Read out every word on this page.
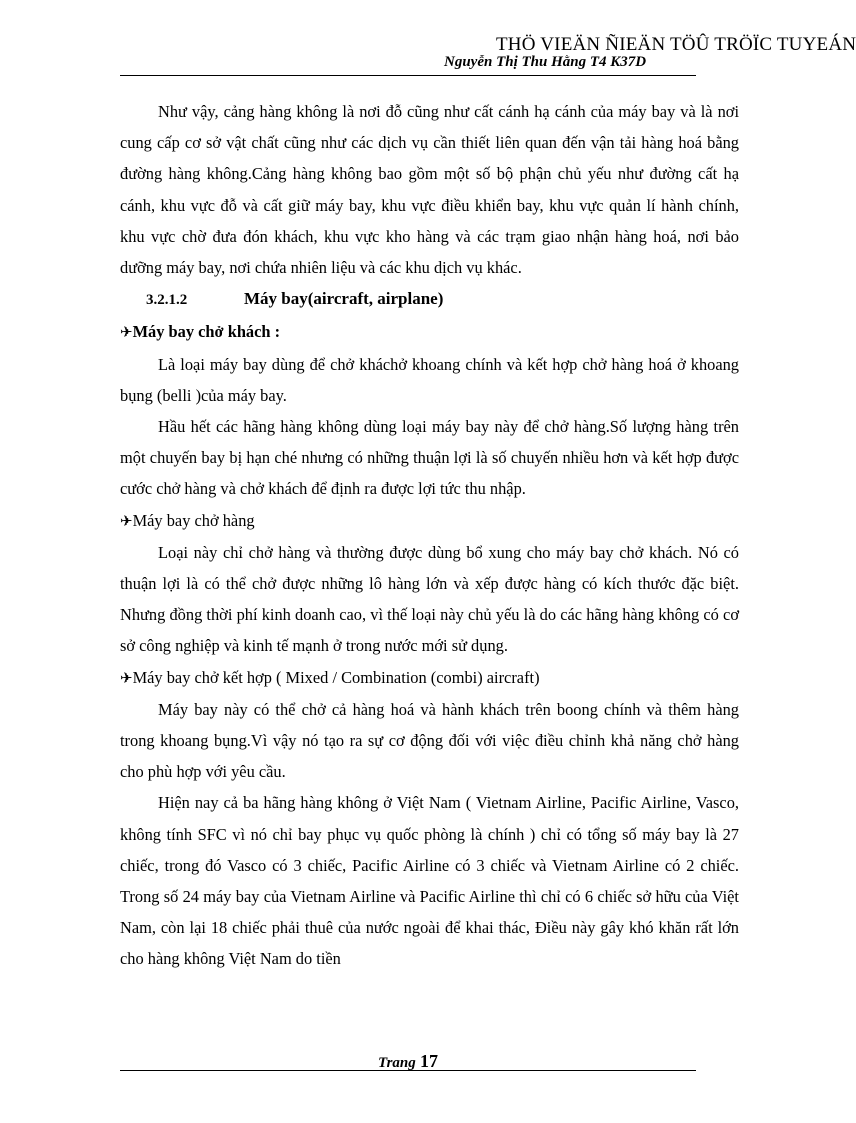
THÖ VIEÄN ÑIEÄN TÖÛ TRÖÏC TUYEÁN
Nguyễn Thị Thu Hằng T4 K37D

Như vậy, cảng hàng không là nơi đỗ cũng như cất cánh hạ cánh của máy bay và là nơi cung cấp cơ sở vật chất cũng như các dịch vụ cần thiết liên quan đến vận tải hàng hoá bằng đường hàng không.Cảng hàng không bao gồm một số bộ phận chủ yếu như đường cất hạ cánh, khu vực đỗ và cất giữ máy bay, khu vực điều khiển bay, khu vực quản lí hành chính, khu vực chờ đưa đón khách, khu vực kho hàng và các trạm giao nhận hàng hoá, nơi bảo dưỡng máy bay, nơi chứa nhiên liệu và các khu dịch vụ khác.

3.2.1.2	Máy bay(aircraft, airplane)

✈Máy bay chở khách :

Là loại máy bay dùng để chở kháchở khoang chính và kết hợp chở hàng hoá ở khoang bụng (belli )của máy bay.

Hầu hết các hãng hàng không dùng loại máy bay này để chở hàng.Số lượng hàng trên một chuyến bay bị hạn ché nhưng có những thuận lợi là số chuyến nhiều hơn và kết hợp được cước chở hàng và chở khách để định ra được lợi tức thu nhập.

✈Máy bay chở hàng

Loại này chỉ chở hàng và thường được dùng bổ xung cho máy bay chở khách. Nó có thuận lợi là có thể chở được những lô hàng lớn và xếp được hàng có kích thước đặc biệt. Nhưng đồng thời phí kinh doanh cao, vì thế loại này chủ yếu là do các hãng hàng không có cơ sở công nghiệp và kinh tế mạnh ở trong nước mới sử dụng.

✈Máy bay chở kết hợp ( Mixed / Combination (combi) aircraft)

Máy bay này có thể chở cả hàng hoá và hành khách trên boong chính và thêm hàng trong khoang bụng.Vì vậy nó tạo ra sự cơ động đối với việc điều chỉnh khả năng chở hàng cho phù hợp với yêu cầu.

Hiện nay cả ba hãng hàng không ở Việt Nam ( Vietnam Airline, Pacific Airline, Vasco, không tính SFC vì nó chỉ bay phục vụ quốc phòng là chính ) chỉ có tổng số máy bay là 27 chiếc, trong đó Vasco có 3 chiếc, Pacific Airline có 3 chiếc và Vietnam Airline có 2 chiếc. Trong số 24 máy bay của Vietnam Airline và Pacific Airline thì chỉ có 6 chiếc sở hữu của Việt Nam, còn lại 18 chiếc phải thuê của nước ngoài để khai thác, Điều này gây khó khăn rất lớn cho hàng không Việt Nam do tiền

Trang 17
